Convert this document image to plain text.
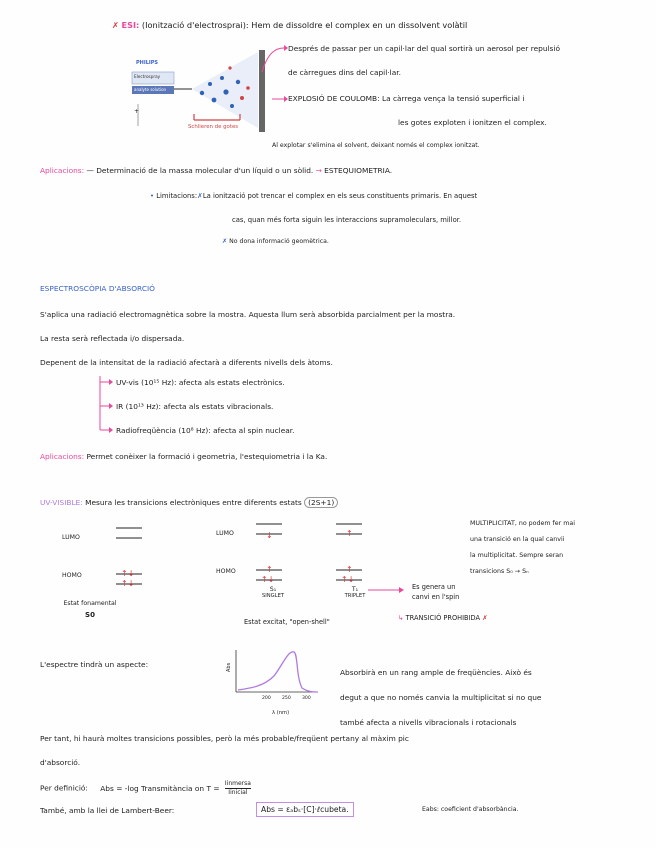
✗ ESI: (Ionització d'electrosprai): Hem de dissoldre el complex en un dissolvent volàtil
PHILIPS
Electrospray
analyte solution
+
Schlieren de gotes
Després de passar per un capil·lar del qual sortirà un aerosol per repulsió
de càrregues dins del capil·lar.
EXPLOSIÓ DE COULOMB: La càrrega vença la tensió superficial i
les gotes exploten i ionitzen el complex.
Al explotar s'elimina el solvent, deixant només el complex ionitzat.
Aplicacions: — Determinació de la massa molecular d'un líquid o un sòlid. → ESTEQUIOMETRIA.
• Limitacions:✗La ionització pot trencar el complex en els seus constituents primaris. En aquest
cas, quan més forta siguin les interaccions supramoleculars, millor.
✗ No dona informació geomètrica.
ESPECTROSCÒPIA D'ABSORCIÓ
S'aplica una radiació electromagnètica sobre la mostra. Aquesta llum serà absorbida parcialment per la mostra.
La resta serà reflectada i/o dispersada.
Depenent de la intensitat de la radiació afectarà a diferents nivells dels àtoms.
UV-vis (10¹⁵ Hz): afecta als estats electrònics.
IR (10¹³ Hz): afecta als estats vibracionals.
Radiofreqüència (10⁸ Hz): afecta al spin nuclear.
Aplicacions: Permet conèixer la formació i geometria, l'estequiometria i la Ka.
UV-VISIBLE: Mesura les transicions electròniques entre diferents estats (2S+1)
MULTIPLICITAT, no podem fer mai
una transició en la qual canvii
la multiplicitat. Sempre seran
transicions S₀ → Sₙ
LUMO
HOMO
LUMO
HOMO
↑↓
↑↓
↓
↑
↑↓
↑
↑
↑↓
Estat fonamental
S0
S₁
SINGLET
T₁
TRIPLET
Estat excitat, "open-shell"
Es genera un
canvi en l'spin
↳ TRANSICIÓ PROHIBIDA ✗
L'espectre tindrà un aspecte:	Abs
200 250 300
λ (nm)
Absorbirà en un rang ample de freqüències. Això és
degut a que no només canvia la multiplicitat si no que
també afecta a nivells vibracionals i rotacionals
Per tant, hi haurà moltes transicions possibles, però la més probable/freqüent pertany al màxim pic
d'absorció.
Per definició: Abs = -log Transmitància on T = Iinmersa
Iinicial
També, amb la llei de Lambert-Beer:	Abs = εₐbₛ·[C]·ℓcubeta.	Eabs: coeficient d'absorbància.
